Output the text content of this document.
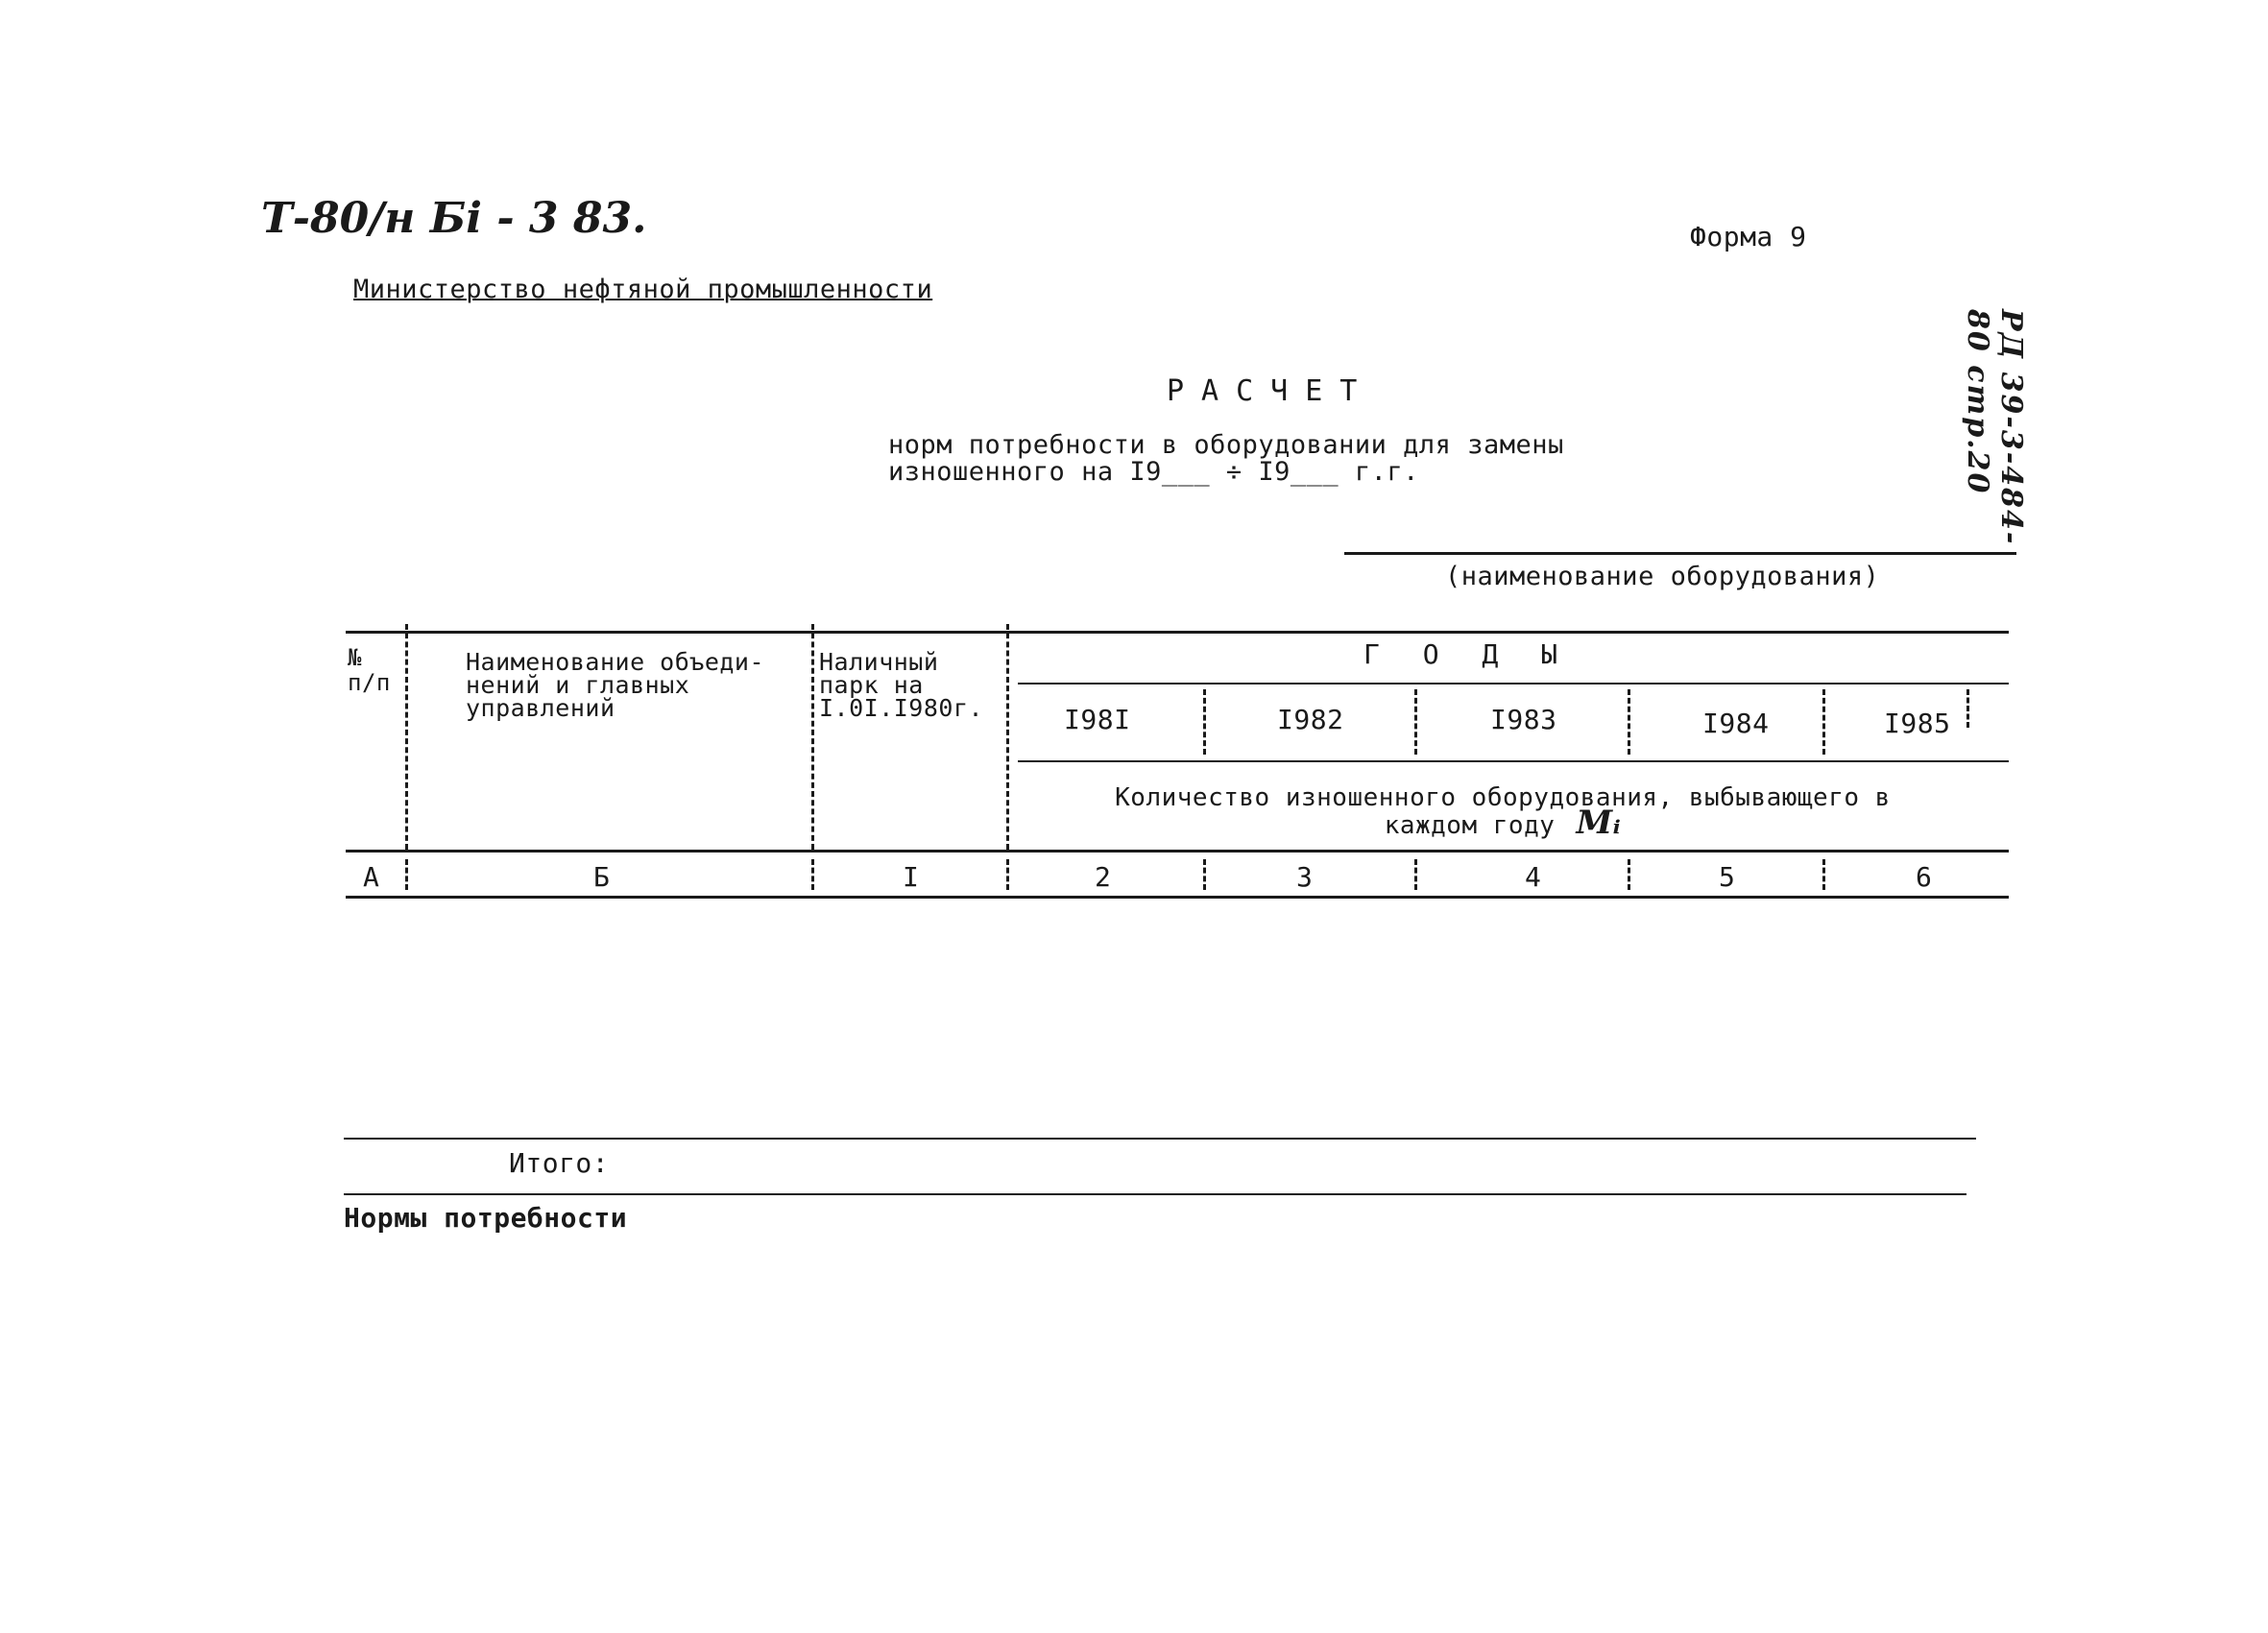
Т-80/н Бі - 3 83.	Форма 9
Министерство нефтяной промышленности
РД 39-3-484-80 стр.20
РАСЧЕТ
норм потребности в оборудовании для замены
изношенного на I9___ ÷ I9___ г.г.
(наименование оборудования)
№ п/п
Наименование объеди- нений и главных управлений
Наличный парк на I.0I.I980г.
Г О Д Ы
I98I	I982	I983	I984	I985
Количество изношенного оборудования, выбывающего в каждом году Mᵢ
А	Б	I	2	3	4	5	6
Итого:
Нормы потребности
